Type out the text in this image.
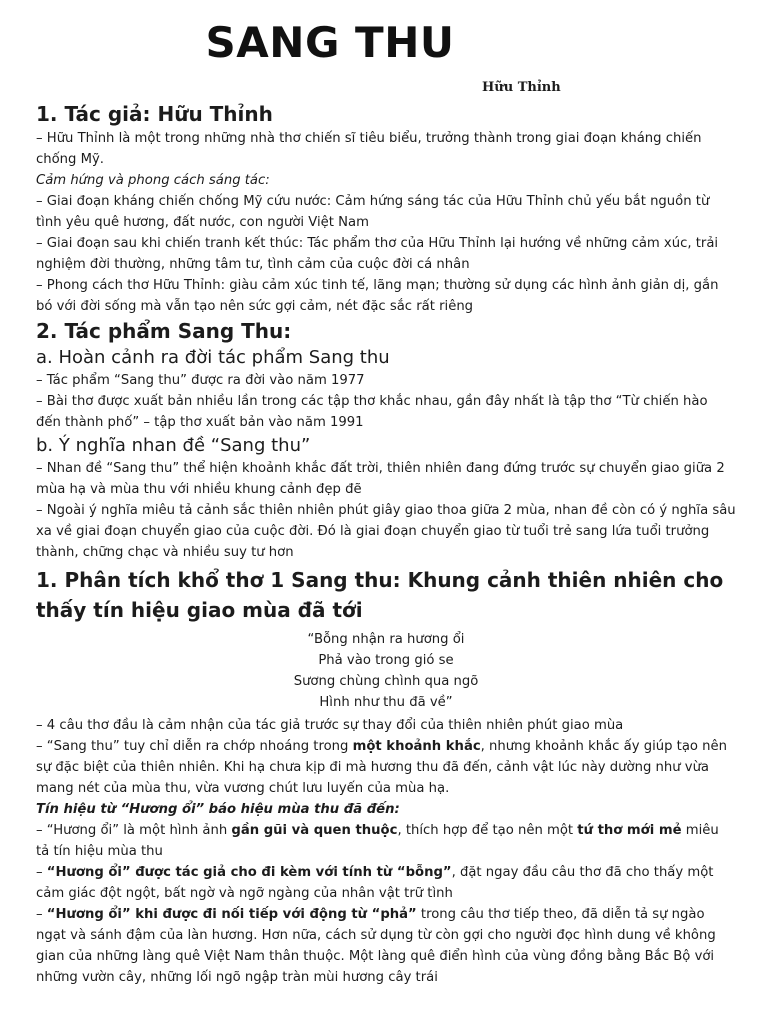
SANG THU
Hữu Thỉnh
1. Tác giả: Hữu Thỉnh

– Hữu Thỉnh là một trong những nhà thơ chiến sĩ tiêu biểu, trưởng thành trong giai đoạn kháng chiến chống Mỹ.

Cảm hứng và phong cách sáng tác:

– Giai đoạn kháng chiến chống Mỹ cứu nước: Cảm hứng sáng tác của Hữu Thỉnh chủ yếu bắt nguồn từ tình yêu quê hương, đất nước, con người Việt Nam

– Giai đoạn sau khi chiến tranh kết thúc: Tác phẩm thơ của Hữu Thỉnh lại hướng về những cảm xúc, trải nghiệm đời thường, những tâm tư, tình cảm của cuộc đời cá nhân

– Phong cách thơ Hữu Thỉnh: giàu cảm xúc tinh tế, lãng mạn; thường sử dụng các hình ảnh giản dị, gắn bó với đời sống mà vẫn tạo nên sức gợi cảm, nét đặc sắc rất riêng

2. Tác phẩm Sang Thu:
a. Hoàn cảnh ra đời tác phẩm Sang thu

– Tác phẩm “Sang thu” được ra đời vào năm 1977

– Bài thơ được xuất bản nhiều lần trong các tập thơ khắc nhau, gần đây nhất là tập thơ “Từ chiến hào đến thành phố” – tập thơ xuất bản vào năm 1991

b. Ý nghĩa nhan đề “Sang thu”

– Nhan đề “Sang thu” thể hiện khoảnh khắc đất trời, thiên nhiên đang đứng trước sự chuyển giao giữa 2 mùa hạ và mùa thu với nhiều khung cảnh đẹp đẽ

– Ngoài ý nghĩa miêu tả cảnh sắc thiên nhiên phút giây giao thoa giữa 2 mùa, nhan đề còn có ý nghĩa sâu xa về giai đoạn chuyển giao của cuộc đời. Đó là giai đoạn chuyển giao từ tuổi trẻ sang lứa tuổi trưởng thành, chững chạc và nhiều suy tư hơn

1. Phân tích khổ thơ 1 Sang thu: Khung cảnh thiên nhiên cho thấy tín hiệu giao mùa đã tới
“Bỗng nhận ra hương ổi
Phả vào trong gió se
Sương chùng chình qua ngõ
Hình như thu đã về”

– 4 câu thơ đầu là cảm nhận của tác giả trước sự thay đổi của thiên nhiên phút giao mùa

– “Sang thu” tuy chỉ diễn ra chớp nhoáng trong một khoảnh khắc, nhưng khoảnh khắc ấy giúp tạo nên sự đặc biệt của thiên nhiên. Khi hạ chưa kịp đi mà hương thu đã đến, cảnh vật lúc này dường như vừa mang nét của mùa thu, vừa vương chút lưu luyến của mùa hạ.

Tín hiệu từ “Hương ổi” báo hiệu mùa thu đã đến:

– “Hương ổi” là một hình ảnh gần gũi và quen thuộc, thích hợp để tạo nên một tứ thơ mới mẻ miêu tả tín hiệu mùa thu

– “Hương ổi” được tác giả cho đi kèm với tính từ “bỗng”, đặt ngay đầu câu thơ đã cho thấy một cảm giác đột ngột, bất ngờ và ngỡ ngàng của nhân vật trữ tình

– “Hương ổi” khi được đi nối tiếp với động từ “phả” trong câu thơ tiếp theo, đã diễn tả sự ngào ngạt và sánh đậm của làn hương. Hơn nữa, cách sử dụng từ còn gợi cho người đọc hình dung về không gian của những làng quê Việt Nam thân thuộc. Một làng quê điển hình của vùng đồng bằng Bắc Bộ với những vườn cây, những lối ngõ ngập tràn mùi hương cây trái
